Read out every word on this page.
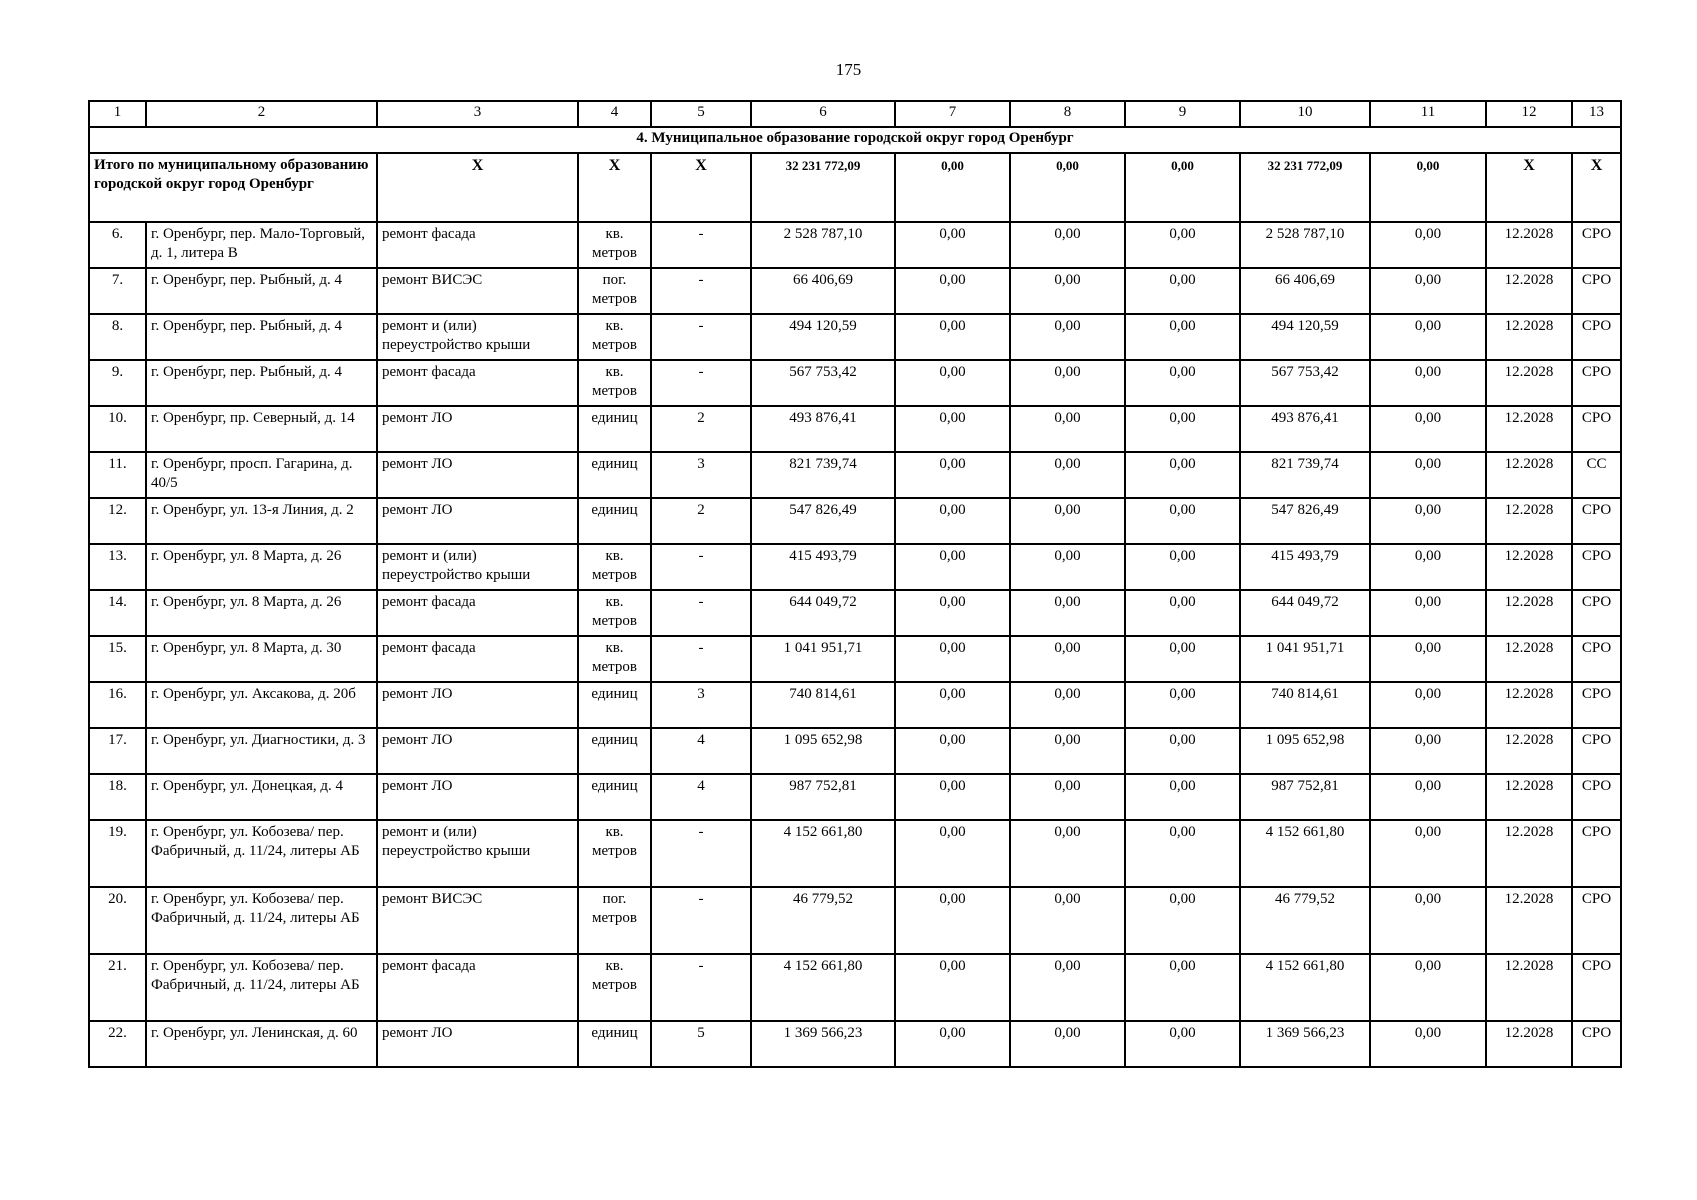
175
1	2	3	4	5	6	7	8	9	10	11	12	13
4. Муниципальное образование городской округ город Оренбург												
Итого по муниципальному образованию городской округ город Оренбург		Х	Х	Х	32 231 772,09	0,00	0,00	0,00	32 231 772,09	0,00	Х	Х
6.	г. Оренбург, пер. Мало-Торговый, д. 1, литера В	ремонт фасада	кв. метров	-	2 528 787,10	0,00	0,00	0,00	2 528 787,10	0,00	12.2028	СРО
7.	г. Оренбург, пер. Рыбный, д. 4	ремонт ВИСЭС	пог. метров	-	66 406,69	0,00	0,00	0,00	66 406,69	0,00	12.2028	СРО
8.	г. Оренбург, пер. Рыбный, д. 4	ремонт и (или) переустройство крыши	кв. метров	-	494 120,59	0,00	0,00	0,00	494 120,59	0,00	12.2028	СРО
9.	г. Оренбург, пер. Рыбный, д. 4	ремонт фасада	кв. метров	-	567 753,42	0,00	0,00	0,00	567 753,42	0,00	12.2028	СРО
10.	г. Оренбург, пр. Северный, д. 14	ремонт ЛО	единиц	2	493 876,41	0,00	0,00	0,00	493 876,41	0,00	12.2028	СРО
11.	г. Оренбург, просп. Гагарина, д. 40/5	ремонт ЛО	единиц	3	821 739,74	0,00	0,00	0,00	821 739,74	0,00	12.2028	СС
12.	г. Оренбург, ул. 13-я Линия, д. 2	ремонт ЛО	единиц	2	547 826,49	0,00	0,00	0,00	547 826,49	0,00	12.2028	СРО
13.	г. Оренбург, ул. 8 Марта, д. 26	ремонт и (или) переустройство крыши	кв. метров	-	415 493,79	0,00	0,00	0,00	415 493,79	0,00	12.2028	СРО
14.	г. Оренбург, ул. 8 Марта, д. 26	ремонт фасада	кв. метров	-	644 049,72	0,00	0,00	0,00	644 049,72	0,00	12.2028	СРО
15.	г. Оренбург, ул. 8 Марта, д. 30	ремонт фасада	кв. метров	-	1 041 951,71	0,00	0,00	0,00	1 041 951,71	0,00	12.2028	СРО
16.	г. Оренбург, ул. Аксакова, д. 20б	ремонт ЛО	единиц	3	740 814,61	0,00	0,00	0,00	740 814,61	0,00	12.2028	СРО
17.	г. Оренбург, ул. Диагностики, д. 3	ремонт ЛО	единиц	4	1 095 652,98	0,00	0,00	0,00	1 095 652,98	0,00	12.2028	СРО
18.	г. Оренбург, ул. Донецкая, д. 4	ремонт ЛО	единиц	4	987 752,81	0,00	0,00	0,00	987 752,81	0,00	12.2028	СРО
19.	г. Оренбург, ул. Кобозева/ пер. Фабричный, д. 11/24, литеры АБ	ремонт и (или) переустройство крыши	кв. метров	-	4 152 661,80	0,00	0,00	0,00	4 152 661,80	0,00	12.2028	СРО
20.	г. Оренбург, ул. Кобозева/ пер. Фабричный, д. 11/24, литеры АБ	ремонт ВИСЭС	пог. метров	-	46 779,52	0,00	0,00	0,00	46 779,52	0,00	12.2028	СРО
21.	г. Оренбург, ул. Кобозева/ пер. Фабричный, д. 11/24, литеры АБ	ремонт фасада	кв. метров	-	4 152 661,80	0,00	0,00	0,00	4 152 661,80	0,00	12.2028	СРО
22.	г. Оренбург, ул. Ленинская, д. 60	ремонт ЛО	единиц	5	1 369 566,23	0,00	0,00	0,00	1 369 566,23	0,00	12.2028	СРО
